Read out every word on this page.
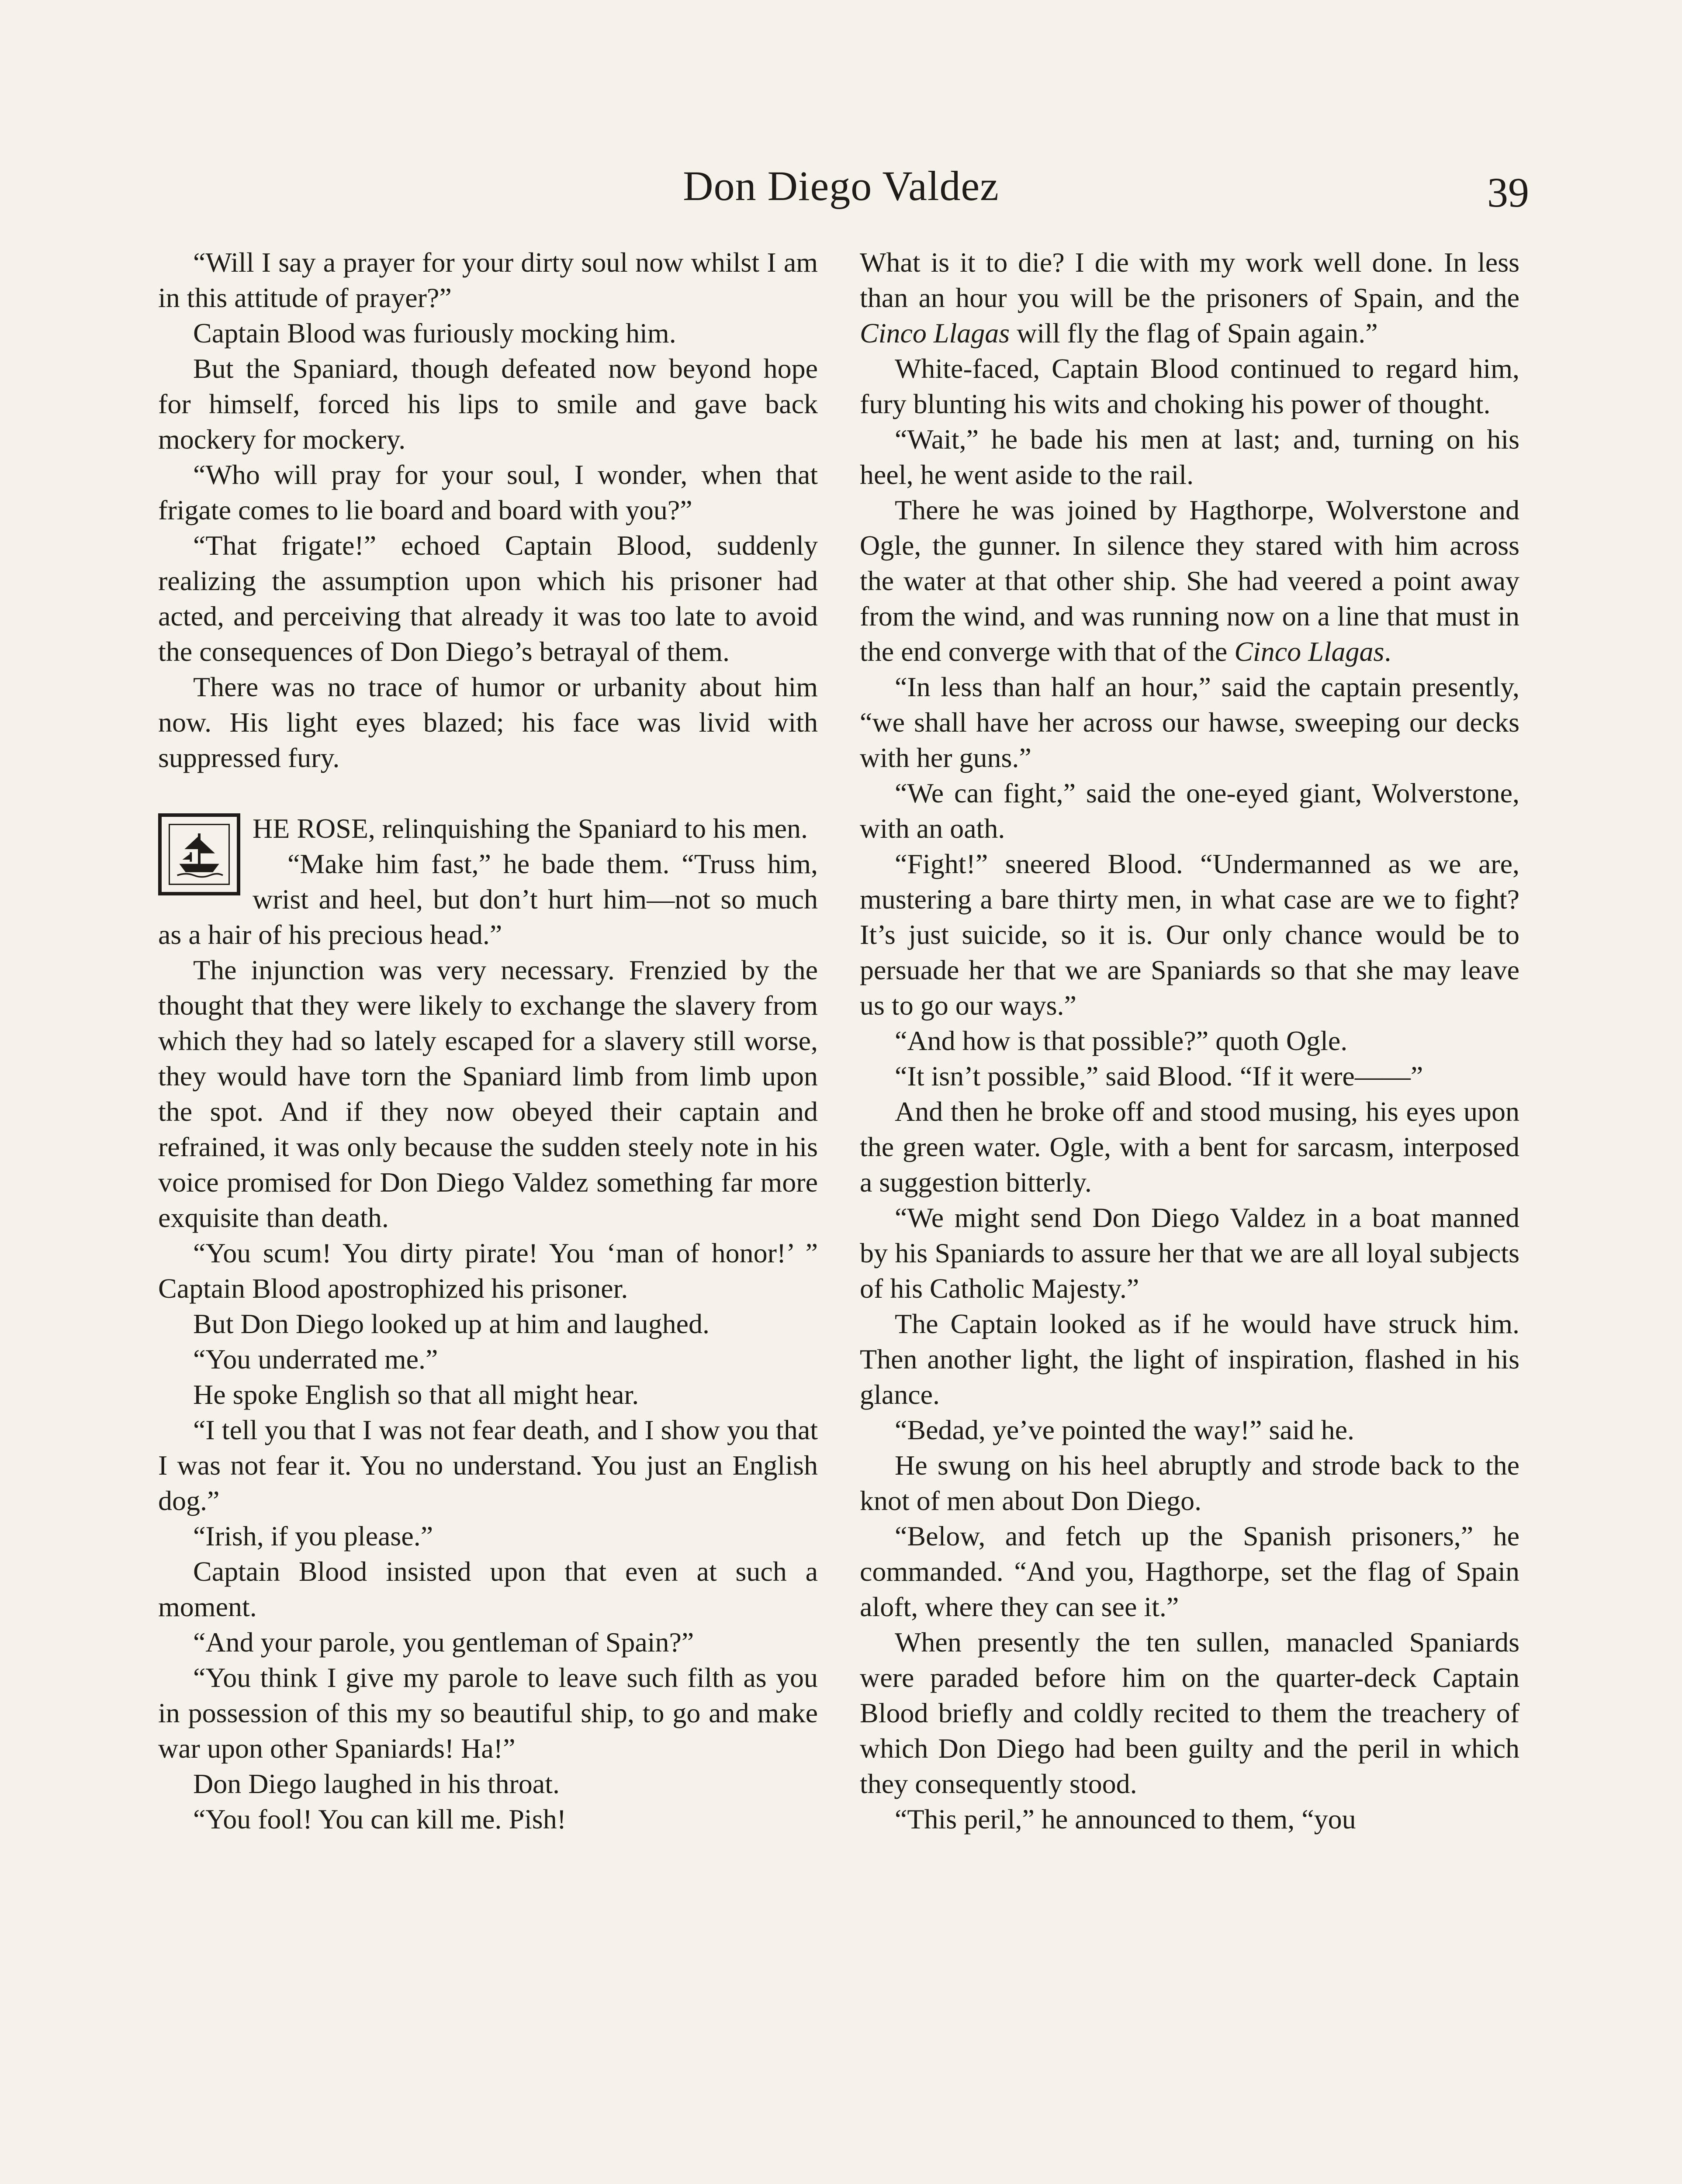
Don Diego Valdez	39

“Will I say a prayer for your dirty soul now whilst I am in this attitude of prayer?”

Captain Blood was furiously mocking him.

But the Spaniard, though defeated now beyond hope for himself, forced his lips to smile and gave back mockery for mockery.

“Who will pray for your soul, I wonder, when that frigate comes to lie board and board with you?”

“That frigate!” echoed Captain Blood, suddenly realizing the assumption upon which his prisoner had acted, and perceiving that already it was too late to avoid the consequences of Don Diego’s betrayal of them.

There was no trace of humor or urbanity about him now. His light eyes blazed; his face was livid with suppressed fury.

HE ROSE, relinquishing the Spaniard to his men.

“Make him fast,” he bade them. “Truss him, wrist and heel, but don’t hurt him—not so much as a hair of his precious head.”

The injunction was very necessary. Frenzied by the thought that they were likely to exchange the slavery from which they had so lately escaped for a slavery still worse, they would have torn the Spaniard limb from limb upon the spot. And if they now obeyed their captain and refrained, it was only because the sudden steely note in his voice promised for Don Diego Valdez something far more exquisite than death.

“You scum! You dirty pirate! You ‘man of honor!’ ” Captain Blood apostrophized his prisoner.

But Don Diego looked up at him and laughed.

“You underrated me.”

He spoke English so that all might hear.

“I tell you that I was not fear death, and I show you that I was not fear it. You no understand. You just an English dog.”

“Irish, if you please.”

Captain Blood insisted upon that even at such a moment.

“And your parole, you gentleman of Spain?”

“You think I give my parole to leave such filth as you in possession of this my so beautiful ship, to go and make war upon other Spaniards! Ha!”

Don Diego laughed in his throat.

“You fool! You can kill me. Pish!

What is it to die? I die with my work well done. In less than an hour you will be the prisoners of Spain, and the Cinco Llagas will fly the flag of Spain again.”

White-faced, Captain Blood continued to regard him, fury blunting his wits and choking his power of thought.

“Wait,” he bade his men at last; and, turning on his heel, he went aside to the rail.

There he was joined by Hagthorpe, Wolverstone and Ogle, the gunner. In silence they stared with him across the water at that other ship. She had veered a point away from the wind, and was running now on a line that must in the end converge with that of the Cinco Llagas.

“In less than half an hour,” said the captain presently, “we shall have her across our hawse, sweeping our decks with her guns.”

“We can fight,” said the one-eyed giant, Wolverstone, with an oath.

“Fight!” sneered Blood. “Undermanned as we are, mustering a bare thirty men, in what case are we to fight? It’s just suicide, so it is. Our only chance would be to persuade her that we are Spaniards so that she may leave us to go our ways.”

“And how is that possible?” quoth Ogle.

“It isn’t possible,” said Blood. “If it were——”

And then he broke off and stood musing, his eyes upon the green water. Ogle, with a bent for sarcasm, interposed a suggestion bitterly.

“We might send Don Diego Valdez in a boat manned by his Spaniards to assure her that we are all loyal subjects of his Catholic Majesty.”

The Captain looked as if he would have struck him. Then another light, the light of inspiration, flashed in his glance.

“Bedad, ye’ve pointed the way!” said he.

He swung on his heel abruptly and strode back to the knot of men about Don Diego.

“Below, and fetch up the Spanish prisoners,” he commanded. “And you, Hagthorpe, set the flag of Spain aloft, where they can see it.”

When presently the ten sullen, manacled Spaniards were paraded before him on the quarter-deck Captain Blood briefly and coldly recited to them the treachery of which Don Diego had been guilty and the peril in which they consequently stood.

“This peril,” he announced to them, “you
